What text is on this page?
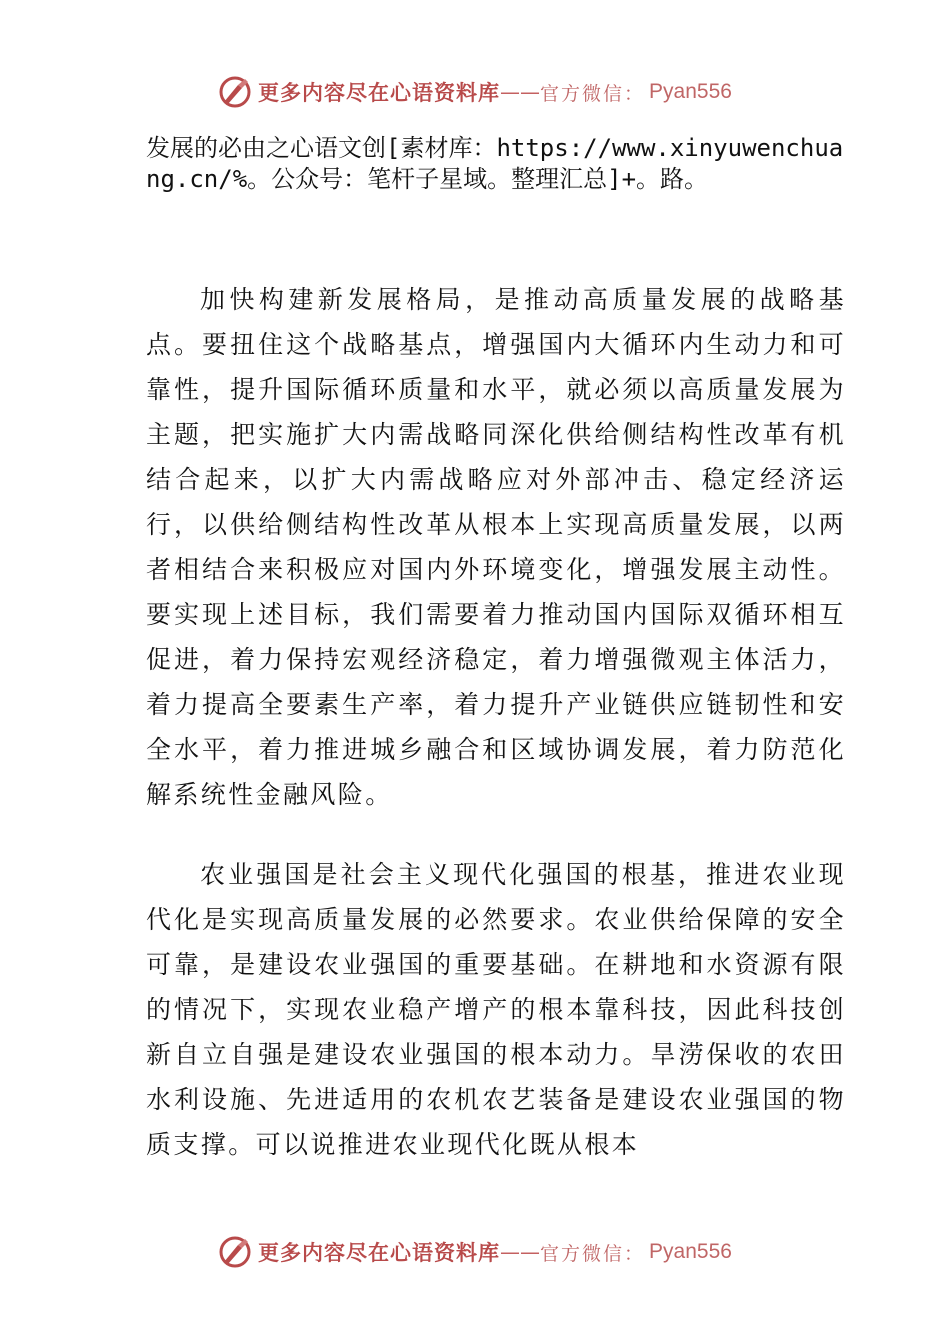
更多内容尽在心语资料库 —— 官方微信： Pyan556
发展的必由之心语文创[素材库：https://www.xinyuwenchuang.cn/%。公众号：笔杆子星域。整理汇总]+。路。
加快构建新发展格局，是推动高质量发展的战略基点。要扭住这个战略基点，增强国内大循环内生动力和可靠性，提升国际循环质量和水平，就必须以高质量发展为主题，把实施扩大内需战略同深化供给侧结构性改革有机结合起来，以扩大内需战略应对外部冲击、稳定经济运行，以供给侧结构性改革从根本上实现高质量发展，以两者相结合来积极应对国内外环境变化，增强发展主动性。要实现上述目标，我们需要着力推动国内国际双循环相互促进，着力保持宏观经济稳定，着力增强微观主体活力，着力提高全要素生产率，着力提升产业链供应链韧性和安全水平，着力推进城乡融合和区域协调发展，着力防范化解系统性金融风险。
农业强国是社会主义现代化强国的根基，推进农业现代化是实现高质量发展的必然要求。农业供给保障的安全可靠，是建设农业强国的重要基础。在耕地和水资源有限的情况下，实现农业稳产增产的根本靠科技，因此科技创新自立自强是建设农业强国的根本动力。旱涝保收的农田水利设施、先进适用的农机农艺装备是建设农业强国的物质支撑。可以说推进农业现代化既从根本
更多内容尽在心语资料库 —— 官方微信： Pyan556
